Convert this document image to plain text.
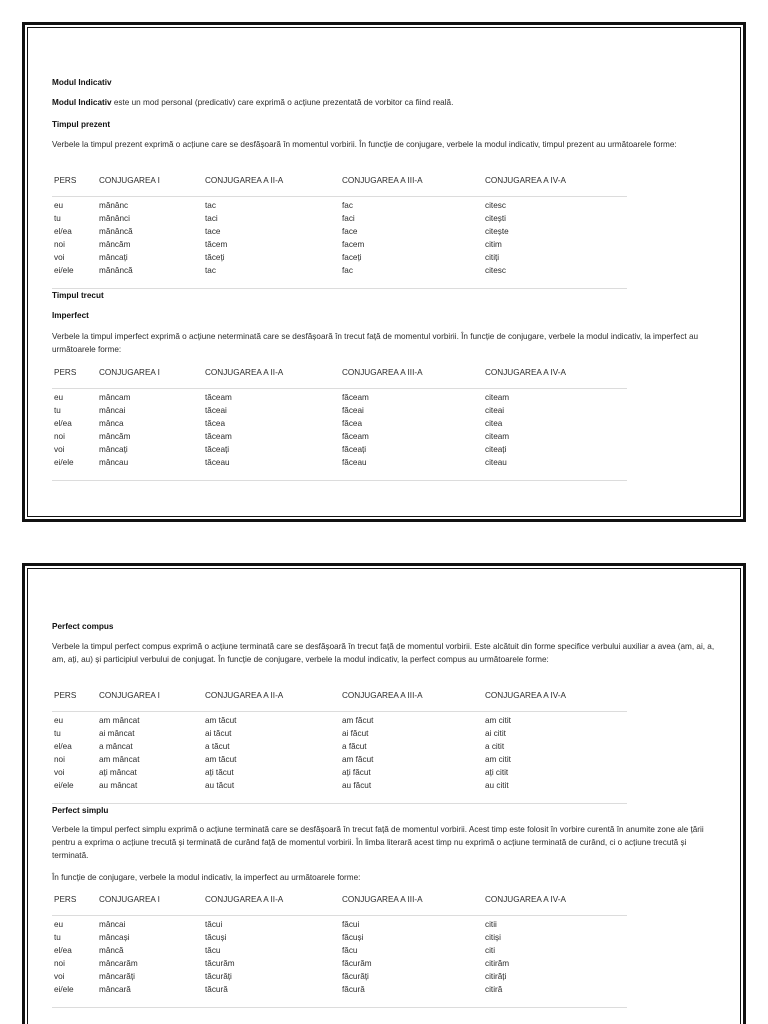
Modul Indicativ

Modul Indicativ este un mod personal (predicativ) care exprimă o acțiune prezentată de vorbitor ca fiind reală.

Timpul prezent

Verbele la timpul prezent exprimă o acțiune care se desfășoară în momentul vorbirii. În funcție de conjugare, verbele la modul indicativ, timpul prezent au următoarele forme:

PERS	CONJUGAREA I	CONJUGAREA A II-A	CONJUGAREA A III-A	CONJUGAREA A IV-A
eu	mănânc	tac	fac	citesc
tu	mănânci	taci	faci	citești
el/ea	mănâncă	tace	face	citește
noi	mâncăm	tăcem	facem	citim
voi	mâncați	tăceți	faceți	citiți
ei/ele	mănâncă	tac	fac	citesc
Timpul trecut
Imperfect

Verbele la timpul imperfect exprimă o acțiune neterminată care se desfășoară în trecut față de momentul vorbirii. În funcție de conjugare, verbele la modul indicativ, la imperfect au următoarele forme:

PERS	CONJUGAREA I	CONJUGAREA A II-A	CONJUGAREA A III-A	CONJUGAREA A IV-A
eu	mâncam	tăceam	făceam	citeam
tu	mâncai	tăceai	făceai	citeai
el/ea	mânca	tăcea	făcea	citea
noi	mâncăm	tăceam	făceam	citeam
voi	mâncați	tăceați	făceați	citeați
ei/ele	mâncau	tăceau	făceau	citeau
Perfect compus

Verbele la timpul perfect compus exprimă o acțiune terminată care se desfășoară în trecut față de momentul vorbirii. Este alcătuit din forme specifice verbului auxiliar a avea (am, ai, a, am, ați, au) și participiul verbului de conjugat. În funcție de conjugare, verbele la modul indicativ, la perfect compus au următoarele forme:

PERS	CONJUGAREA I	CONJUGAREA A II-A	CONJUGAREA A III-A	CONJUGAREA A IV-A
eu	am mâncat	am tăcut	am făcut	am citit
tu	ai mâncat	ai tăcut	ai făcut	ai citit
el/ea	a mâncat	a tăcut	a făcut	a citit
noi	am mâncat	am tăcut	am făcut	am citit
voi	ați mâncat	ați tăcut	ați făcut	ați citit
ei/ele	au mâncat	au tăcut	au făcut	au citit
Perfect simplu

Verbele la timpul perfect simplu exprimă o acțiune terminată care se desfășoară în trecut față de momentul vorbirii. Acest timp este folosit în vorbire curentă în anumite zone ale țării pentru a exprima o acțiune trecută și terminată de curând față de momentul vorbirii. În limba literară acest timp nu exprimă o acțiune terminată de curând, ci o acțiune trecută și terminată.

În funcție de conjugare, verbele la modul indicativ, la imperfect au următoarele forme:

PERS	CONJUGAREA I	CONJUGAREA A II-A	CONJUGAREA A III-A	CONJUGAREA A IV-A
eu	mâncai	tăcui	făcui	citii
tu	mâncași	tăcuși	făcuși	citiși
el/ea	mâncă	tăcu	făcu	citi
noi	mâncarăm	tăcurăm	făcurăm	citirăm
voi	mâncarăți	tăcurăți	făcurăți	citirăți
ei/ele	mâncară	tăcură	făcură	citiră
